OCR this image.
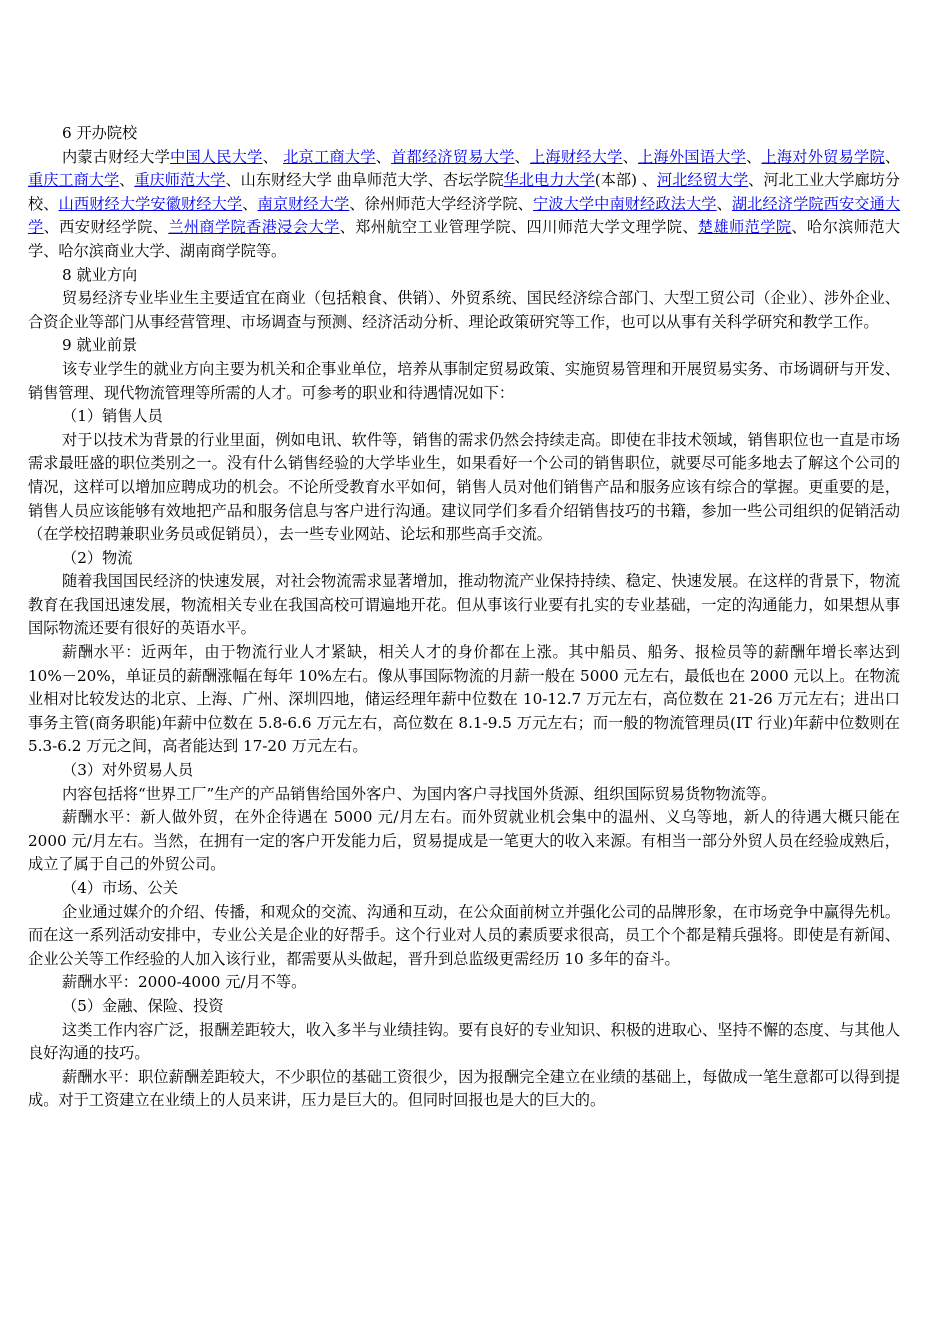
6 开办院校

内蒙古财经大学中国人民大学、 北京工商大学、首都经济贸易大学、上海财经大学、上海外国语大学、上海对外贸易学院、重庆工商大学、重庆师范大学、山东财经大学 曲阜师范大学、杏坛学院华北电力大学(本部) 、河北经贸大学、河北工业大学廊坊分校、山西财经大学安徽财经大学、南京财经大学、徐州师范大学经济学院、宁波大学中南财经政法大学、湖北经济学院西安交通大学、西安财经学院、兰州商学院香港浸会大学、郑州航空工业管理学院、四川师范大学文理学院、楚雄师范学院、哈尔滨师范大学、哈尔滨商业大学、湖南商学院等。

8 就业方向

贸易经济专业毕业生主要适宜在商业（包括粮食、供销）、外贸系统、国民经济综合部门、大型工贸公司（企业）、涉外企业、合资企业等部门从事经营管理、市场调查与预测、经济活动分析、理论政策研究等工作，也可以从事有关科学研究和教学工作。

9 就业前景

该专业学生的就业方向主要为机关和企事业单位，培养从事制定贸易政策、实施贸易管理和开展贸易实务、市场调研与开发、销售管理、现代物流管理等所需的人才。可参考的职业和待遇情况如下：

（1）销售人员

对于以技术为背景的行业里面，例如电讯、软件等，销售的需求仍然会持续走高。即使在非技术领域，销售职位也一直是市场需求最旺盛的职位类别之一。没有什么销售经验的大学毕业生，如果看好一个公司的销售职位，就要尽可能多地去了解这个公司的情况，这样可以增加应聘成功的机会。不论所受教育水平如何，销售人员对他们销售产品和服务应该有综合的掌握。更重要的是，销售人员应该能够有效地把产品和服务信息与客户进行沟通。建议同学们多看介绍销售技巧的书籍，参加一些公司组织的促销活动（在学校招聘兼职业务员或促销员），去一些专业网站、论坛和那些高手交流。

（2）物流

随着我国国民经济的快速发展，对社会物流需求显著增加，推动物流产业保持持续、稳定、快速发展。在这样的背景下，物流教育在我国迅速发展，物流相关专业在我国高校可谓遍地开花。但从事该行业要有扎实的专业基础，一定的沟通能力，如果想从事国际物流还要有很好的英语水平。

薪酬水平：近两年，由于物流行业人才紧缺，相关人才的身价都在上涨。其中船员、船务、报检员等的薪酬年增长率达到 10%－20%，单证员的薪酬涨幅在每年 10%左右。像从事国际物流的月薪一般在 5000 元左右，最低也在 2000 元以上。在物流业相对比较发达的北京、上海、广州、深圳四地，储运经理年薪中位数在 10-12.7 万元左右，高位数在 21-26 万元左右；进出口事务主管(商务职能)年薪中位数在 5.8-6.6 万元左右，高位数在 8.1-9.5 万元左右；而一般的物流管理员(IT 行业)年薪中位数则在 5.3-6.2 万元之间，高者能达到 17-20 万元左右。

（3）对外贸易人员

内容包括将“世界工厂”生产的产品销售给国外客户、为国内客户寻找国外货源、组织国际贸易货物物流等。

薪酬水平：新人做外贸，在外企待遇在 5000 元/月左右。而外贸就业机会集中的温州、义乌等地，新人的待遇大概只能在 2000 元/月左右。当然，在拥有一定的客户开发能力后，贸易提成是一笔更大的收入来源。有相当一部分外贸人员在经验成熟后，成立了属于自己的外贸公司。

（4）市场、公关

企业通过媒介的介绍、传播，和观众的交流、沟通和互动，在公众面前树立并强化公司的品牌形象，在市场竞争中赢得先机。而在这一系列活动安排中，专业公关是企业的好帮手。这个行业对人员的素质要求很高，员工个个都是精兵强将。即使是有新闻、企业公关等工作经验的人加入该行业，都需要从头做起，晋升到总监级更需经历 10 多年的奋斗。

薪酬水平：2000-4000 元/月不等。

（5）金融、保险、投资

这类工作内容广泛，报酬差距较大，收入多半与业绩挂钩。要有良好的专业知识、积极的进取心、坚持不懈的态度、与其他人良好沟通的技巧。

薪酬水平：职位薪酬差距较大，不少职位的基础工资很少，因为报酬完全建立在业绩的基础上，每做成一笔生意都可以得到提成。对于工资建立在业绩上的人员来讲，压力是巨大的。但同时回报也是大的巨大的。
